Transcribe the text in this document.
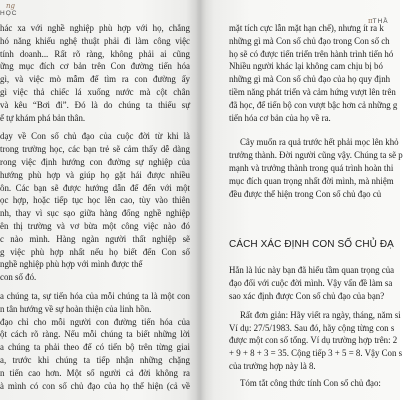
ng
HỌC
πTHẦ
hác xa với nghề nghiệp phù hợp với họ, chẳng
hó năng khiếu nghệ thuật phải đi làm công việc
tính doanh... Rất rõ ràng, không phải ai cũng
ững mục đích cơ bản trên Con đường tiến hóa
gì, và việc mò mẫm để tìm ra con đường ấy
gì việc thả chiếc lá xuống nước mà cột chân
và kêu “Bơi đi”. Đó là do chúng ta thiếu sự
ể tự khám phá bản thân.
dạy về Con số chủ đạo của cuộc đời từ khi là
trong trường học, các bạn trẻ sẽ cảm thấy dễ dàng
rong việc định hướng con đường sự nghiệp của
hướng phù hợp và giúp họ gặt hái được nhiều
ôn. Các bạn sẽ được hướng dẫn để đến với một
ọc hợp, hoặc tiếp tục học lên cao, tùy vào thiên
nh, thay vì sục sạo giữa hàng đống nghề nghiệp
ên thị trường và vơ bừa một công việc nào đó
c nào mình. Hàng ngàn người thất nghiệp sẽ
g việc phù hợp nhất nếu họ biết đến Con số
nghề nghiệp phù hợp với mình được thể
con số đó.
a chúng ta, sự tiến hóa của mỗi chúng ta là một con
n tân hướng về sự hoàn thiện của linh hồn.
đạo chỉ cho mỗi người con đường tiến hóa của
ột cách rõ ràng. Nếu mỗi chúng ta biết những lời
a chúng ta phải theo để có tiến bộ trên từng giai
a, trước khi chúng ta tiếp nhận những chặng
n tiến cao hơn. Một số người cả đời không ra
à mình có con số chủ đạo của họ thể hiện (cả về
mặt tích cực lẫn mặt hạn chế), nhưng ít ra k
những gì mà Con số chủ đạo trong Con số ch
họ sẽ có được tiến triển trên hành trình tiến hó
Nhiều người khác lại không cam chịu bị bó
những gì mà Con số chủ đạo của họ quy định
tiềm năng phát triển và cảm hứng vượt lên trên
đã học, để tiến bộ con vượt bậc hơn cả những g
tiến hóa cơ bản của họ về ra.
Cây muốn ra quả trước hết phải mọc lên khỏ
trưởng thành. Đời người cũng vậy. Chúng ta sẽ p
mạnh và trưởng thành trong quá trình hoàn thi
mục đích quan trọng nhất đời mình, mà nhiệm
đều được thể hiện trong Con số chủ đạo củ
CÁCH XÁC ĐỊNH CON SỐ CHỦ ĐẠ
Hẳn là lúc này bạn đã hiểu tầm quan trọng của
đạo đối với cuộc đời mình. Vậy vấn đề làm sa
sao xác định được Con số chủ đạo của bạn?
Rất đơn giản: Hãy viết ra ngày, tháng, năm si
Ví dụ: 27/5/1983. Sau đó, hãy cộng từng con s
được một con số tổng. Ví dụ trường hợp trên: 2
+ 9 + 8 + 3 = 35. Cộng tiếp 3 + 5 = 8. Vậy Con s
của trường hợp này là 8.
Tóm tắt công thức tính Con số chủ đạo:
